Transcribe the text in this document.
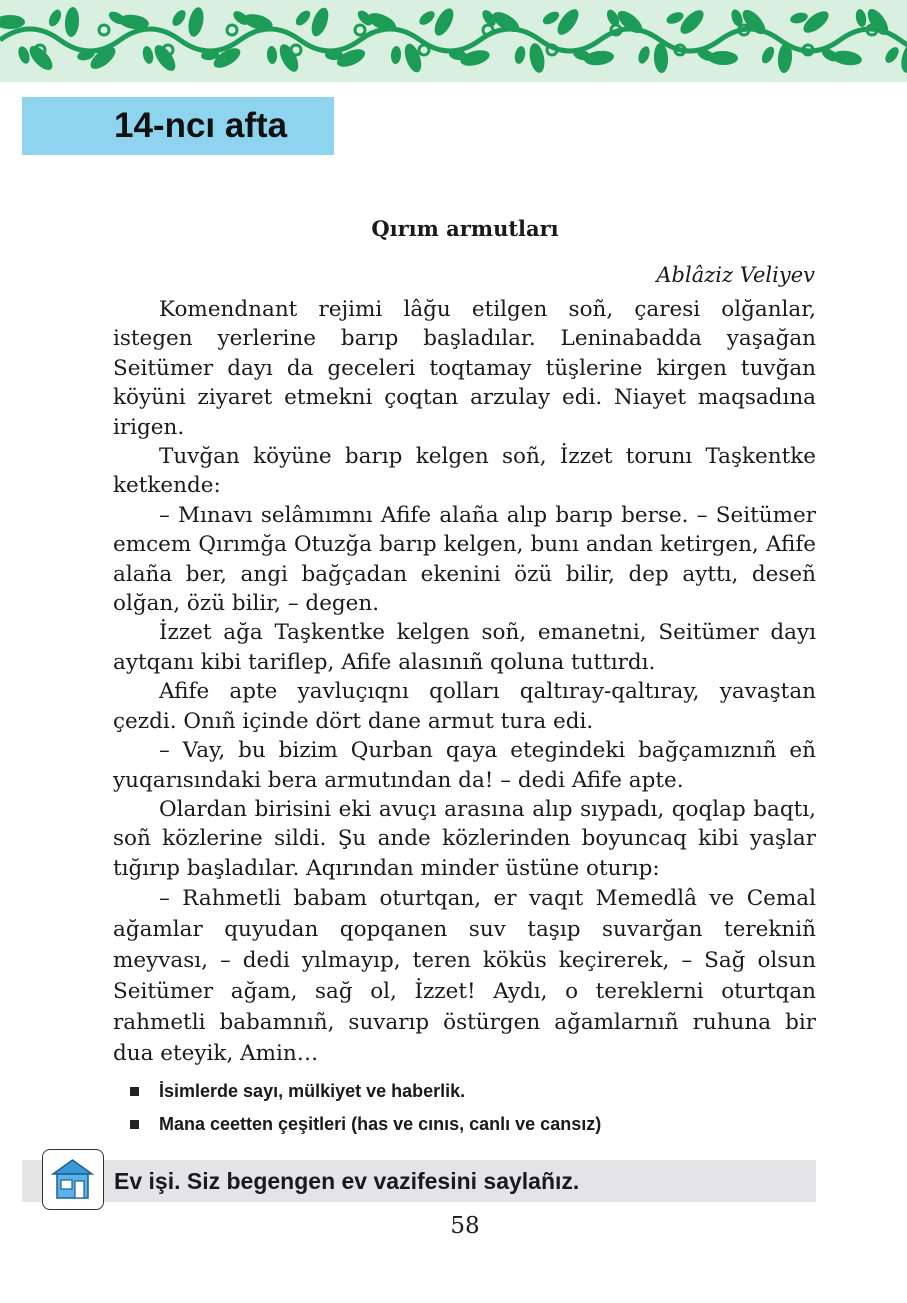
14-ncı afta
Qırım armutları
Ablâziz Veliyev

Komendnant rejimi lâğu etilgen soñ, çaresi olğanlar, istegen yerlerine barıp başladılar. Leninabadda yaşağan Seitümer dayı da geceleri toqtamay tüşlerine kirgen tuvğan köyüni ziyaret etmekni çoqtan arzulay edi. Niayet maqsadına irigen.

Tuvğan köyüne barıp kelgen soñ, İzzet torunı Taşkentke ketkende:

– Mınavı selâmımnı Afife alaña alıp barıp berse. – Seitümer emcem Qırımğa Otuzğa barıp kelgen, bunı andan ketirgen, Afife alaña ber, angi bağçadan ekenini özü bilir, dep ayttı, deseñ olğan, özü bilir, – degen.

İzzet ağa Taşkentke kelgen soñ, emanetni, Seitümer dayı aytqanı kibi tariflep, Afife alasınıñ qoluna tuttırdı.

Afife apte yavluçıqnı qolları qaltıray-qaltıray, yavaştan çezdi. Onıñ içinde dört dane armut tura edi.

– Vay, bu bizim Qurban qaya etegindeki bağçamıznıñ eñ yuqarısındaki bera armutından da! – dedi Afife apte.

Olardan birisini eki avuçı arasına alıp sıypadı, qoqlap baqtı, soñ közlerine sildi. Şu ande közlerinden boyuncaq kibi yaşlar tığırıp başladılar. Aqırından minder üstüne oturıp:

– Rahmetli babam oturtqan, er vaqıt Memedlâ ve Cemal ağamlar quyudan qopqanen suv taşıp suvarğan terekniñ meyvası, – dedi yılmayıp, teren köküs keçirerek, – Sağ olsun Seitümer ağam, sağ ol, İzzet! Aydı, o tereklerni oturtqan rahmetli babamnıñ, suvarıp östürgen ağamlarnıñ ruhuna bir dua eteyik, Amin…

İsimlerde sayı, mülkiyet ve haberlik.
Mana ceetten çeşitleri (has ve cınıs, canlı ve cansız)
Ev işi. Siz begengen ev vazifesini saylañız.
58
